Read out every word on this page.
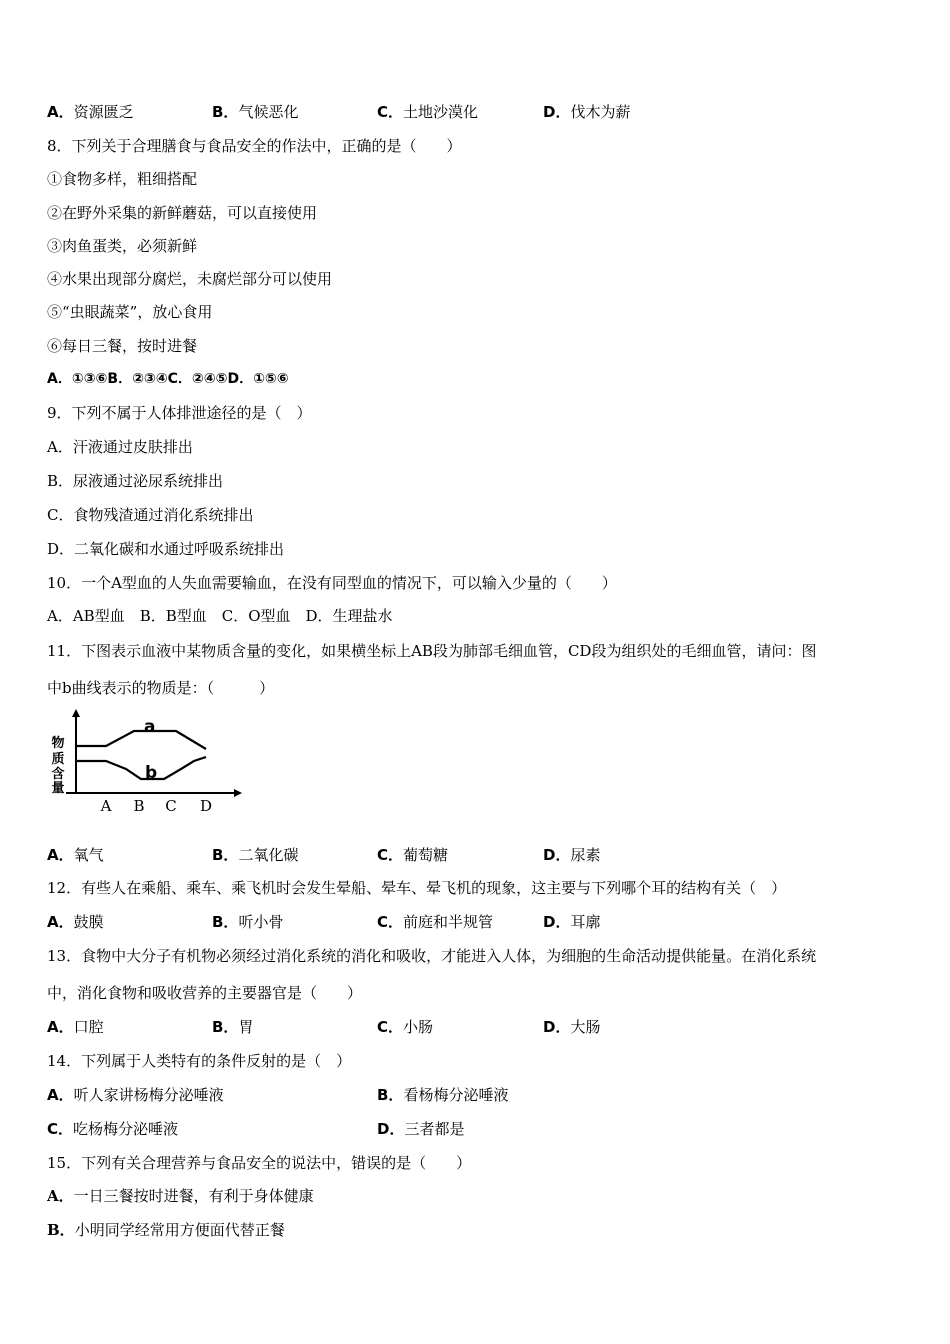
A．资源匮乏	B．气候恶化	C．土地沙漠化	D．伐木为薪
8．下列关于合理膳食与食品安全的作法中，正确的是（　　）
①食物多样，粗细搭配
②在野外采集的新鲜蘑菇，可以直接使用
③肉鱼蛋类，必须新鲜
④水果出现部分腐烂，未腐烂部分可以使用
⑤“虫眼蔬菜”，放心食用
⑥每日三餐，按时进餐
A．①③⑥B．②③④C．②④⑤D．①⑤⑥
9．下列不属于人体排泄途径的是（　）
A．汗液通过皮肤排出
B．尿液通过泌尿系统排出
C．食物残渣通过消化系统排出
D．二氧化碳和水通过呼吸系统排出
10．一个A型血的人失血需要输血，在没有同型血的情况下，可以输入少量的（　　）
A．AB型血　B．B型血　C．O型血　D．生理盐水
11．下图表示血液中某物质含量的变化，如果横坐标上AB段为肺部毛细血管，CD段为组织处的毛细血管，请问：图
中b曲线表示的物质是：（　　　）
物
质
含
量
a
b
A B C D
A．氧气	B．二氧化碳	C．葡萄糖	D．尿素
12．有些人在乘船、乘车、乘飞机时会发生晕船、晕车、晕飞机的现象，这主要与下列哪个耳的结构有关（　）
A．鼓膜	B．听小骨	C．前庭和半规管	D．耳廓
13．食物中大分子有机物必须经过消化系统的消化和吸收，才能进入人体，为细胞的生命活动提供能量。在消化系统
中，消化食物和吸收营养的主要器官是（　　）
A．口腔	B．胃	C．小肠	D．大肠
14．下列属于人类特有的条件反射的是（　）
A．听人家讲杨梅分泌唾液	B．看杨梅分泌唾液
C．吃杨梅分泌唾液	D．三者都是
15．下列有关合理营养与食品安全的说法中，错误的是（　　）
A．一日三餐按时进餐，有利于身体健康
B．小明同学经常用方便面代替正餐
